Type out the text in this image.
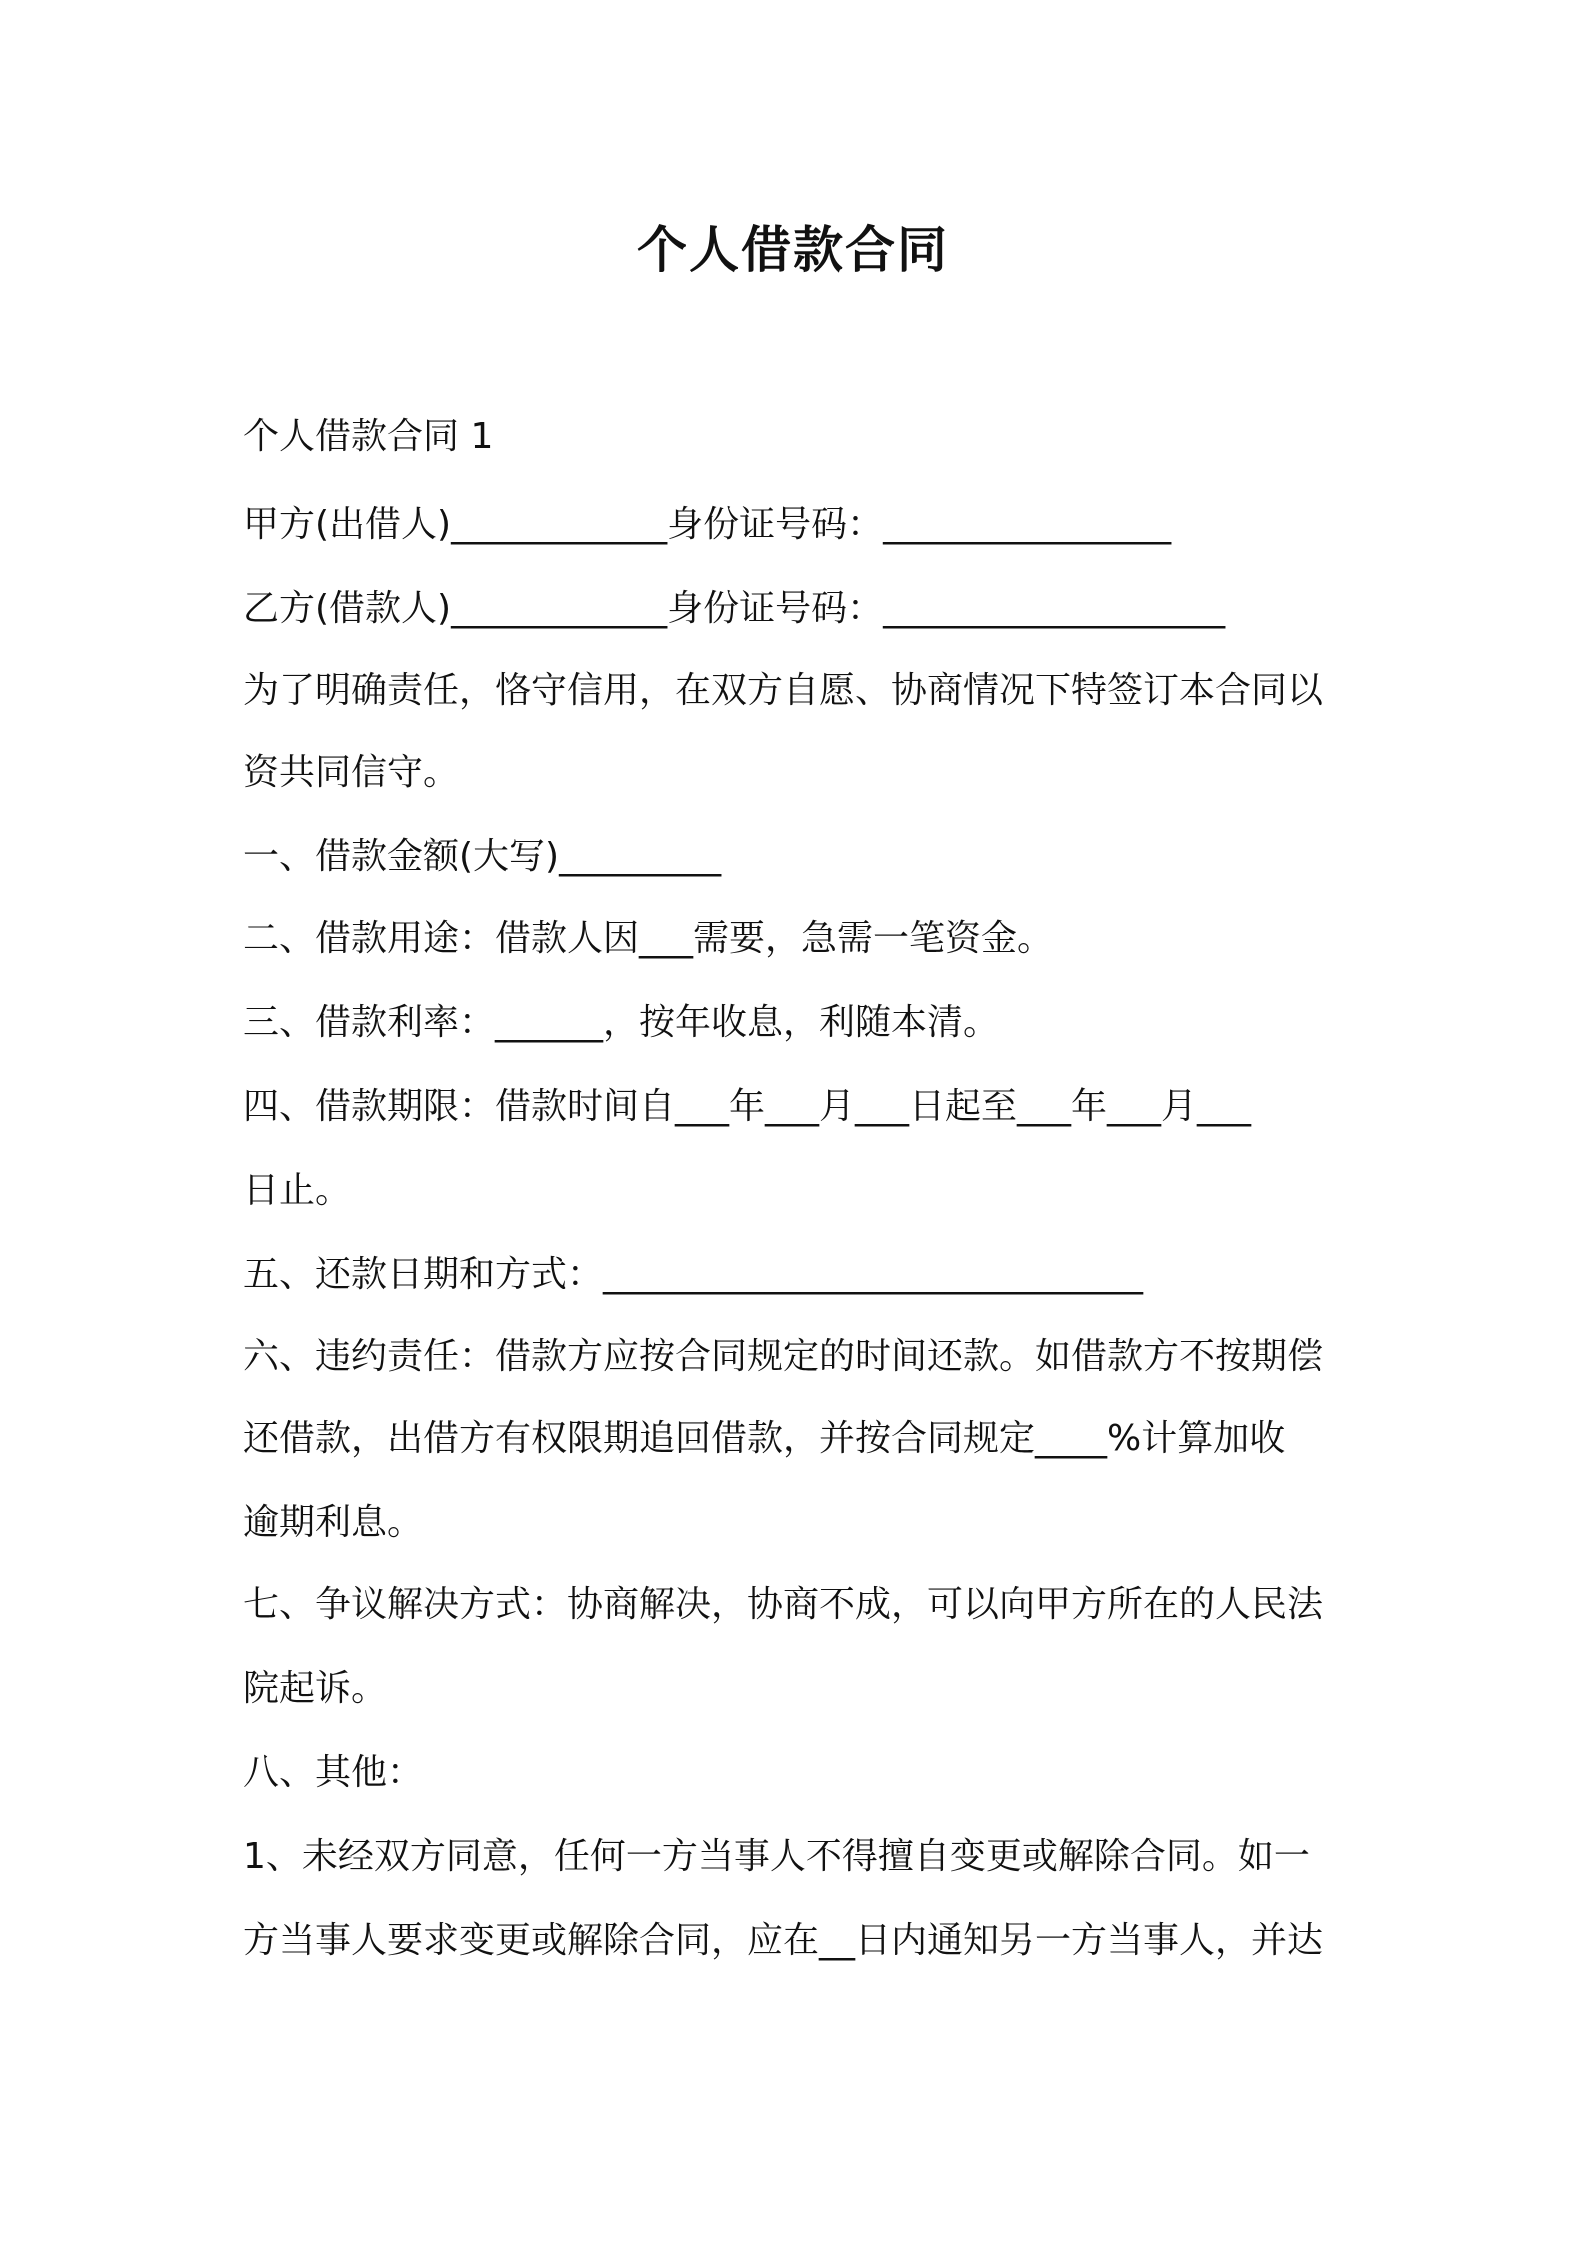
个人借款合同
个人借款合同 1
甲方(出借人)____________身份证号码：________________
乙方(借款人)____________身份证号码：___________________
为了明确责任，恪守信用，在双方自愿、协商情况下特签订本合同以
资共同信守。
一、借款金额(大写)_________
二、借款用途：借款人因___需要，急需一笔资金。
三、借款利率：______，按年收息，利随本清。
四、借款期限：借款时间自___年___月___日起至___年___月___
日止。
五、还款日期和方式：______________________________
六、违约责任：借款方应按合同规定的时间还款。如借款方不按期偿
还借款，出借方有权限期追回借款，并按合同规定____%计算加收
逾期利息。
七、争议解决方式：协商解决，协商不成，可以向甲方所在的人民法
院起诉。
八、其他：
1、未经双方同意，任何一方当事人不得擅自变更或解除合同。如一
方当事人要求变更或解除合同，应在__日内通知另一方当事人，并达
